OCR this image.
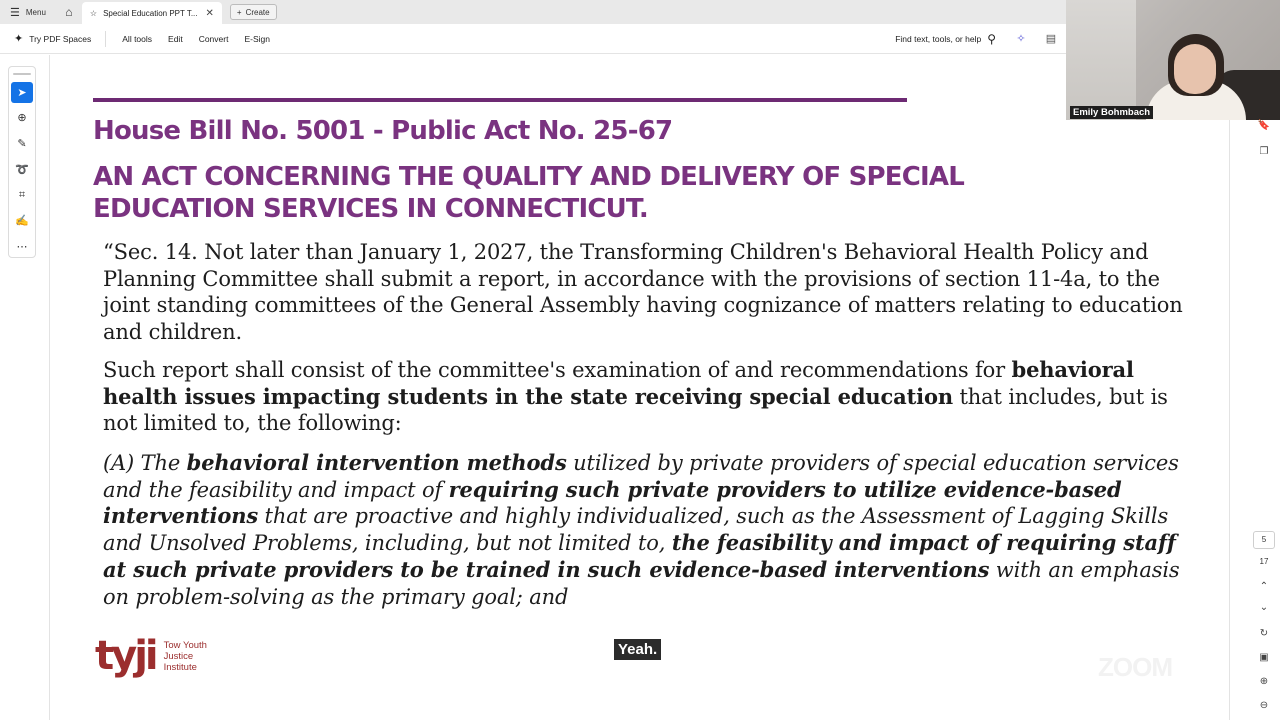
☰ Menu ⌂ ☆ Special Education PPT T... ✕	+ Create
✦ Try PDF Spaces	All tools	Edit	Convert	E-Sign	Find text, tools, or help ⚲	✧	▤
➤
⊕
✎
➰
⌗
✍
⋯
House Bill No. 5001 - Public Act No. 25-67
AN ACT CONCERNING THE QUALITY AND DELIVERY OF SPECIAL EDUCATION SERVICES IN CONNECTICUT.
“Sec. 14. Not later than January 1, 2027, the Transforming Children's Behavioral Health Policy and Planning Committee shall submit a report, in accordance with the provisions of section 11-4a, to the joint standing committees of the General Assembly having cognizance of matters relating to education and children.
Such report shall consist of the committee's examination of and recommendations for behavioral health issues impacting students in the state receiving special education that includes, but is not limited to, the following:
(A) The behavioral intervention methods utilized by private providers of special education services and the feasibility and impact of requiring such private providers to utilize evidence-based interventions that are proactive and highly individualized, such as the Assessment of Lagging Skills and Unsolved Problems, including, but not limited to, the feasibility and impact of requiring staff at such private providers to be trained in such evidence-based interventions with an emphasis on problem-solving as the primary goal; and
tyji Tow Youth
Justice
Institute
Yeah.
ZOOM
Emily Bohmbach
🔖
❐
5
17
⌃
⌄
↻
▣
⊕
⊖
